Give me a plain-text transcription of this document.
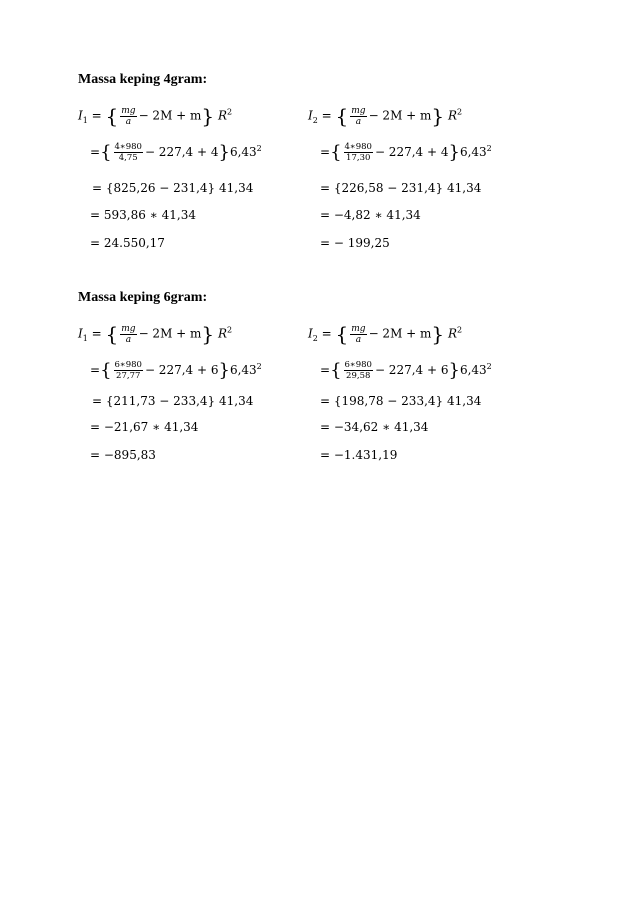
Massa keping 4gram:
$I_1$ = { $\frac{mg}{a} - 2M + m$} $R^2$
={ $\frac{4∗980}{4,75} - 227,4 + 4\}6,43^2$
= {825,26 − 231,4} 41,34
= 593,86 ∗ 41,34
= 24.550,17
$I_2$ = { $\frac{mg}{a} - 2M + m$} $R^2$
={ $\frac{4∗980}{17,30} - 227,4 + 4\}6,43^2$
= {226,58 − 231,4} 41,34
= −4,82 ∗ 41,34
= − 199,25
Massa keping 6gram:
$I_1$ = { $\frac{mg}{a} - 2M + m$} $R^2$
={ $\frac{6∗980}{27,77} - 227,4 + 6\}6,43^2$
= {211,73 − 233,4} 41,34
= −21,67 ∗ 41,34
= −895,83
$I_2$ = { $\frac{mg}{a} - 2M + m$} $R^2$
={ $\frac{6∗980}{29,58} - 227,4 + 6\}6,43^2$
= {198,78 − 233,4} 41,34
= −34,62 ∗ 41,34
= −1.431,19
